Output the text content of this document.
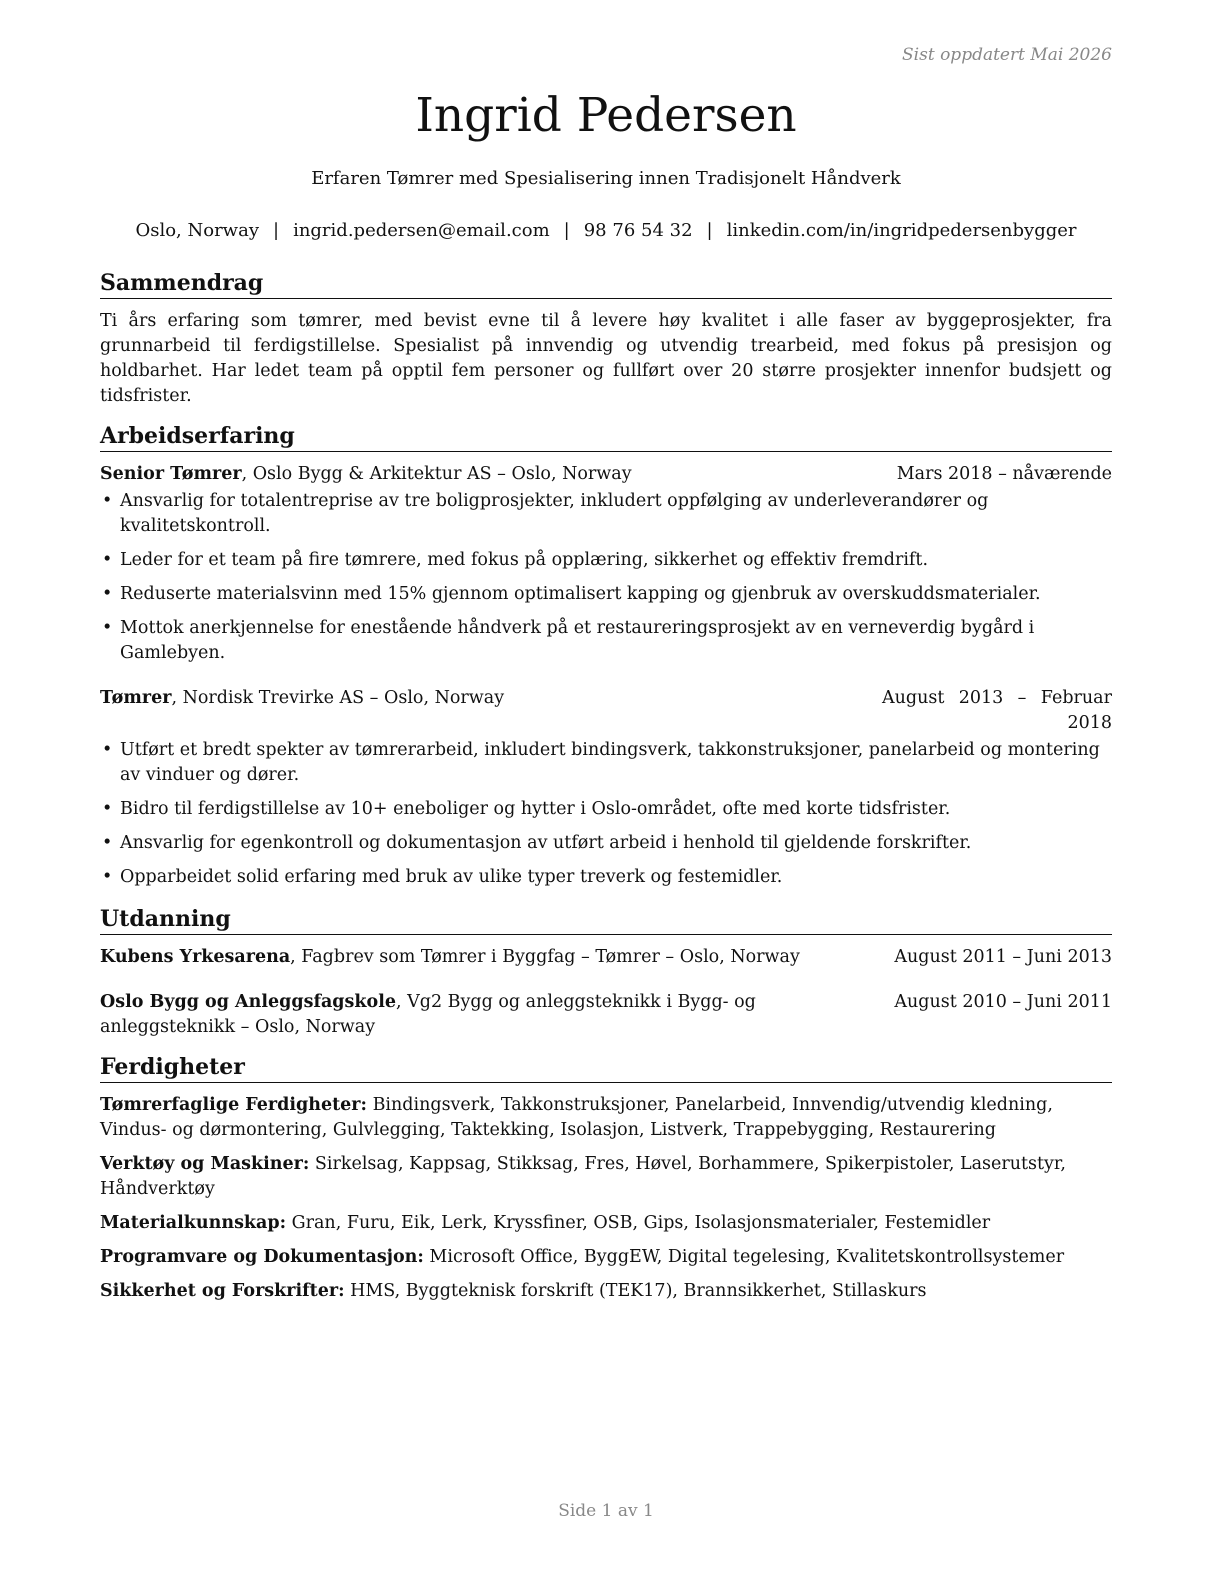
Sist oppdatert Mai 2026
Ingrid Pedersen
Erfaren Tømrer med Spesialisering innen Tradisjonelt Håndverk
Oslo, Norway | ingrid.pedersen@email.com | 98 76 54 32 | linkedin.com/in/ingridpedersenbygger
Sammendrag

Ti års erfaring som tømrer, med bevist evne til å levere høy kvalitet i alle faser av byggeprosjekter, fra grunnarbeid til ferdigstillelse. Spesialist på innvendig og utvendig trearbeid, med fokus på presisjon og holdbarhet. Har ledet team på opptil fem personer og fullført over 20 større prosjekter innenfor budsjett og tidsfrister.

Arbeidserfaring
Senior Tømrer, Oslo Bygg & Arkitektur AS – Oslo, Norway	Mars 2018 – nåværende
• Ansvarlig for totalentreprise av tre boligprosjekter, inkludert oppfølging av underleverandører og kvalitetskontroll.
• Leder for et team på fire tømrere, med fokus på opplæring, sikkerhet og effektiv fremdrift.
• Reduserte materialsvinn med 15% gjennom optimalisert kapping og gjenbruk av overskuddsmaterialer.
• Mottok anerkjennelse for enestående håndverk på et restaureringsprosjekt av en verneverdig bygård i Gamlebyen.
Tømrer, Nordisk Trevirke AS – Oslo, Norway	August 2013 – Februar 2018
• Utført et bredt spekter av tømrerarbeid, inkludert bindingsverk, takkonstruksjoner, panelarbeid og montering av vinduer og dører.
• Bidro til ferdigstillelse av 10+ eneboliger og hytter i Oslo-området, ofte med korte tidsfrister.
• Ansvarlig for egenkontroll og dokumentasjon av utført arbeid i henhold til gjeldende forskrifter.
• Opparbeidet solid erfaring med bruk av ulike typer treverk og festemidler.
Utdanning
Kubens Yrkesarena, Fagbrev som Tømrer i Byggfag – Tømrer – Oslo, Norway	August 2011 – Juni 2013
Oslo Bygg og Anleggsfagskole, Vg2 Bygg og anleggsteknikk i Bygg- og anleggsteknikk – Oslo, Norway
August 2010 – Juni 2011
Ferdigheter
Tømrerfaglige Ferdigheter: Bindingsverk, Takkonstruksjoner, Panelarbeid, Innvendig/utvendig kledning, Vindus- og dørmontering, Gulvlegging, Taktekking, Isolasjon, Listverk, Trappebygging, Restaurering
Verktøy og Maskiner: Sirkelsag, Kappsag, Stikksag, Fres, Høvel, Borhammere, Spikerpistoler, Laserutstyr, Håndverktøy
Materialkunnskap: Gran, Furu, Eik, Lerk, Kryssfiner, OSB, Gips, Isolasjonsmaterialer, Festemidler
Programvare og Dokumentasjon: Microsoft Office, ByggEW, Digital tegelesing, Kvalitetskontrollsystemer
Sikkerhet og Forskrifter: HMS, Byggteknisk forskrift (TEK17), Brannsikkerhet, Stillaskurs
Side 1 av 1
